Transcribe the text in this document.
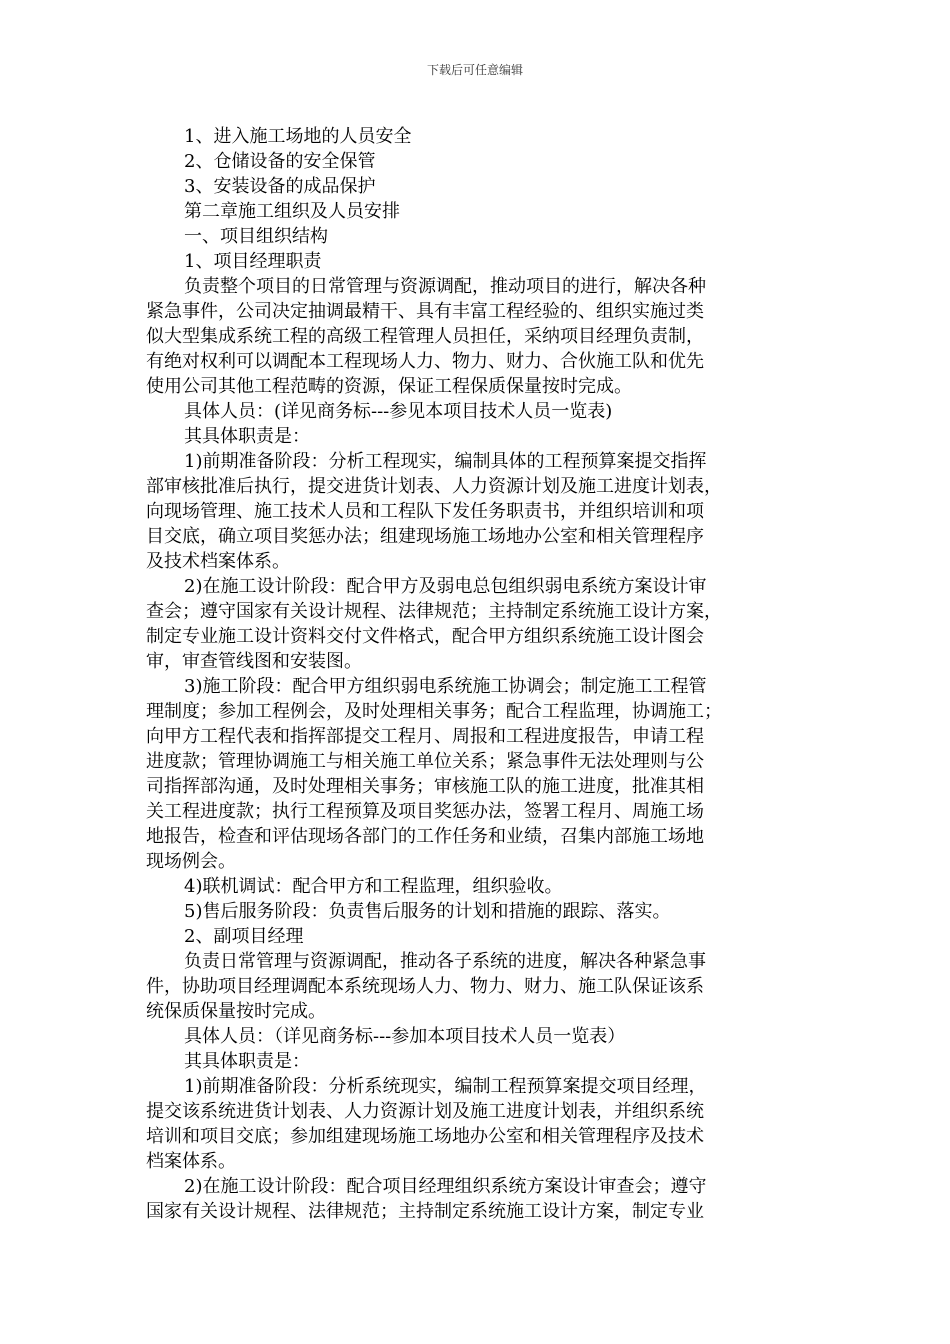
下载后可任意编辑
1、进入施工场地的人员安全
2、仓储设备的安全保管
3、安装设备的成品保护
第二章施工组织及人员安排
一、项目组织结构
1、项目经理职责
负责整个项目的日常管理与资源调配，推动项目的进行，解决各种
紧急事件，公司决定抽调最精干、具有丰富工程经验的、组织实施过类
似大型集成系统工程的高级工程管理人员担任，采纳项目经理负责制，
有绝对权利可以调配本工程现场人力、物力、财力、合伙施工队和优先
使用公司其他工程范畴的资源，保证工程保质保量按时完成。
具体人员：(详见商务标---参见本项目技术人员一览表)
其具体职责是：
1)前期准备阶段：分析工程现实，编制具体的工程预算案提交指挥
部审核批准后执行，提交进货计划表、人力资源计划及施工进度计划表，
向现场管理、施工技术人员和工程队下发任务职责书，并组织培训和项
目交底，确立项目奖惩办法；组建现场施工场地办公室和相关管理程序
及技术档案体系。
2)在施工设计阶段：配合甲方及弱电总包组织弱电系统方案设计审
查会；遵守国家有关设计规程、法律规范；主持制定系统施工设计方案，
制定专业施工设计资料交付文件格式，配合甲方组织系统施工设计图会
审，审查管线图和安装图。
3)施工阶段：配合甲方组织弱电系统施工协调会；制定施工工程管
理制度；参加工程例会，及时处理相关事务；配合工程监理，协调施工；
向甲方工程代表和指挥部提交工程月、周报和工程进度报告，申请工程
进度款；管理协调施工与相关施工单位关系；紧急事件无法处理则与公
司指挥部沟通，及时处理相关事务；审核施工队的施工进度，批准其相
关工程进度款；执行工程预算及项目奖惩办法，签署工程月、周施工场
地报告，检查和评估现场各部门的工作任务和业绩，召集内部施工场地
现场例会。
4)联机调试：配合甲方和工程监理，组织验收。
5)售后服务阶段：负责售后服务的计划和措施的跟踪、落实。
2、副项目经理
负责日常管理与资源调配，推动各子系统的进度，解决各种紧急事
件，协助项目经理调配本系统现场人力、物力、财力、施工队保证该系
统保质保量按时完成。
具体人员：（详见商务标---参加本项目技术人员一览表）
其具体职责是：
1)前期准备阶段：分析系统现实，编制工程预算案提交项目经理，
提交该系统进货计划表、人力资源计划及施工进度计划表，并组织系统
培训和项目交底；参加组建现场施工场地办公室和相关管理程序及技术
档案体系。
2)在施工设计阶段：配合项目经理组织系统方案设计审查会；遵守
国家有关设计规程、法律规范；主持制定系统施工设计方案，制定专业
